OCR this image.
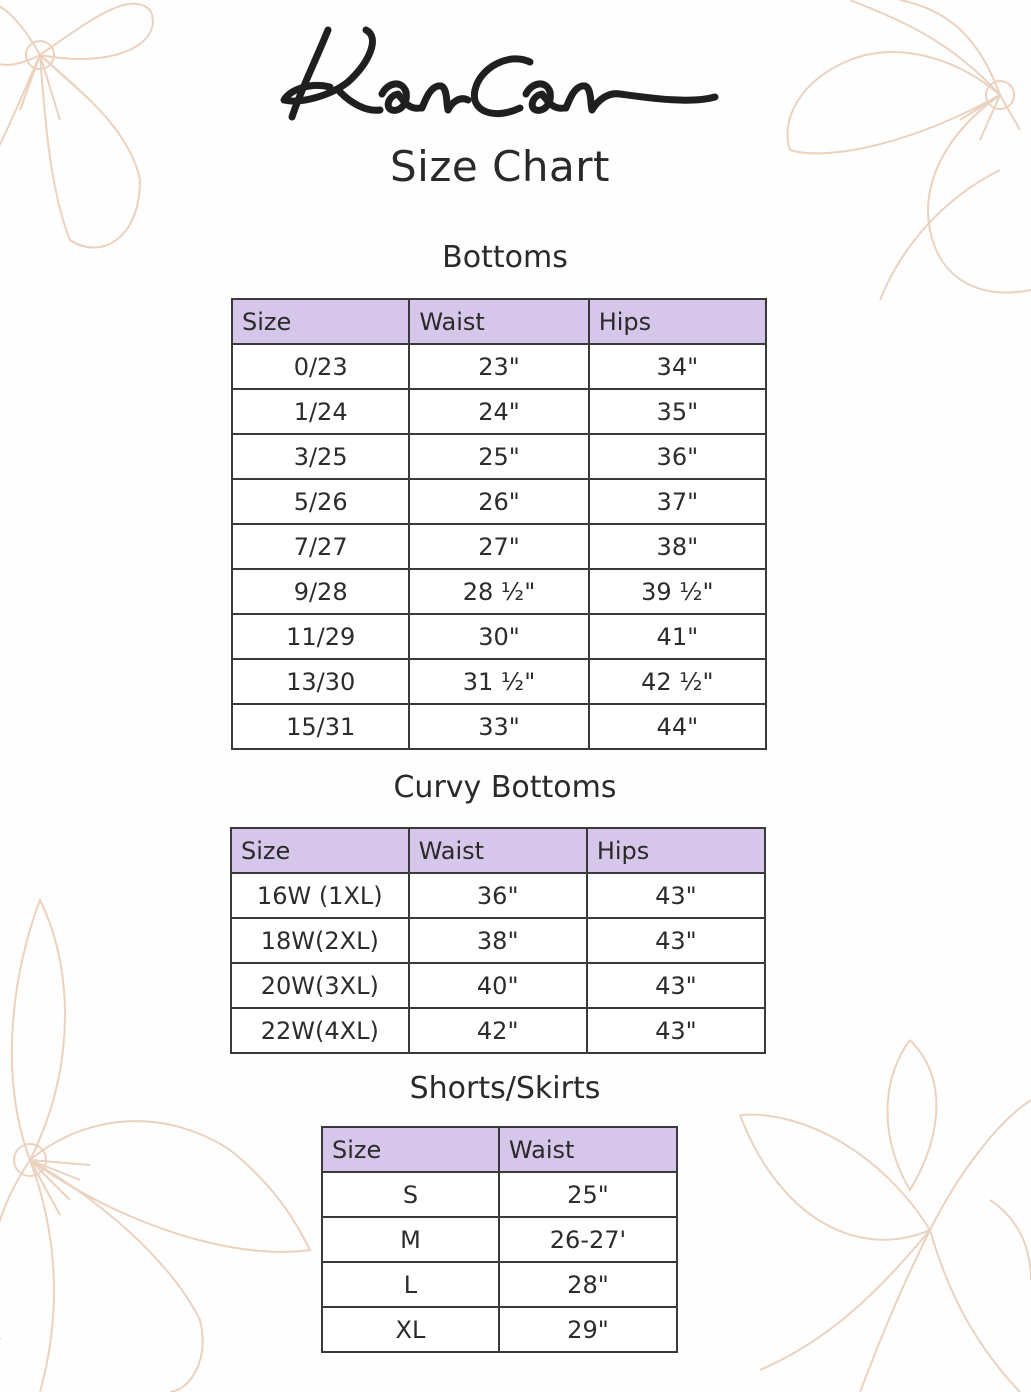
Size Chart
Bottoms
Size	Waist	Hips
0/23	23"	34"
1/24	24"	35"
3/25	25"	36"
5/26	26"	37"
7/27	27"	38"
9/28	28 ½"	39 ½"
11/29	30"	41"
13/30	31 ½"	42 ½"
15/31	33"	44"
Curvy Bottoms
Size	Waist	Hips
16W (1XL)	36"	43"
18W(2XL)	38"	43"
20W(3XL)	40"	43"
22W(4XL)	42"	43"
Shorts/Skirts
Size	Waist
S	25"
M	26-27'
L	28"
XL	29"
